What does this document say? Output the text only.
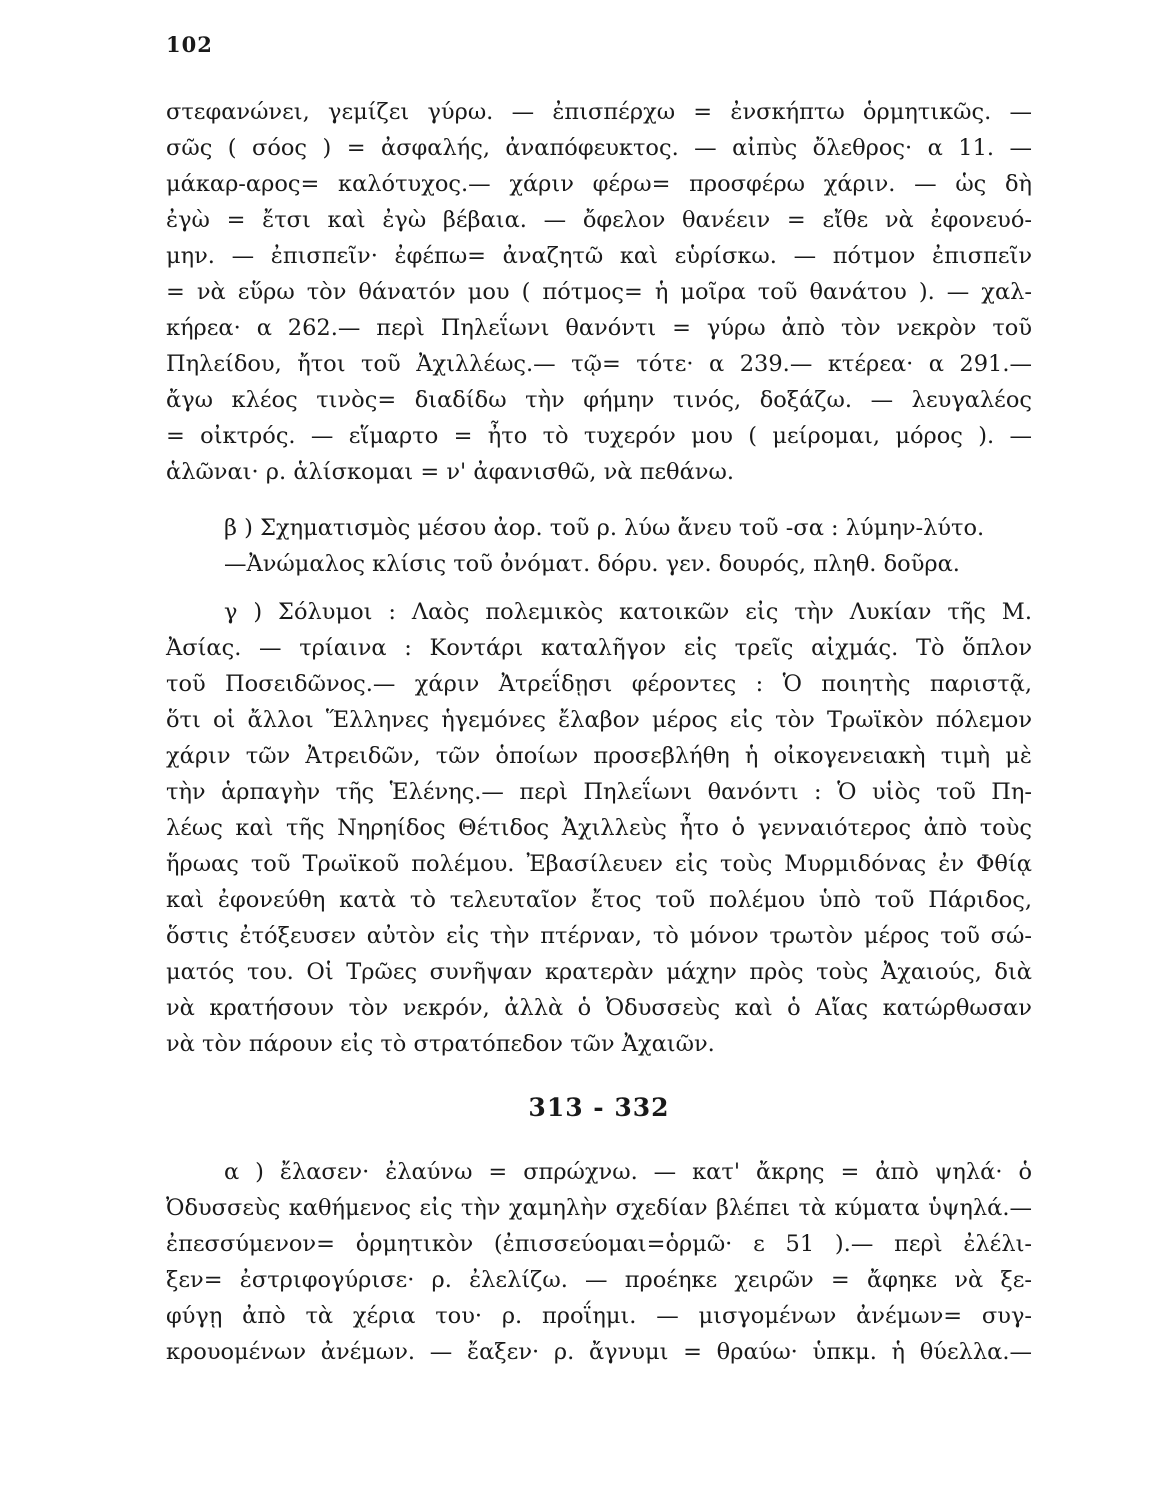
102
στεφανώνει, γεμίζει γύρω. — ἐπισπέρχω = ἐνσκήπτω ὁρμητικῶς. —
σῶς ( σόος ) = ἀσφαλής, ἀναπόφευκτος. — αἰπὺς ὄλεθρος· α 11. —
μάκαρ-αρος= καλότυχος.— χάριν φέρω= προσφέρω χάριν. — ὡς δὴ
ἐγὼ = ἔτσι καὶ ἐγὼ βέβαια. — ὄφελον θανέειν = εἴθε νὰ ἐφονευό-
μην. — ἐπισπεῖν· ἐφέπω= ἀναζητῶ καὶ εὑρίσκω. — πότμον ἐπισπεῖν
= νὰ εὕρω τὸν θάνατόν μου ( πότμος= ἡ μοῖρα τοῦ θανάτου ). — χαλ-
κήρεα· α 262.— περὶ Πηλεΐωνι θανόντι = γύρω ἀπὸ τὸν νεκρὸν τοῦ
Πηλείδου, ἤτοι τοῦ Ἀχιλλέως.— τῷ= τότε· α 239.— κτέρεα· α 291.—
ἄγω κλέος τινὸς= διαδίδω τὴν φήμην τινός, δοξάζω. — λευγαλέος
= οἰκτρός. — εἵμαρτο = ἦτο τὸ τυχερόν μου ( μείρομαι, μόρος ). —
ἁλῶναι· ρ. ἁλίσκομαι = ν' ἀφανισθῶ, νὰ πεθάνω.
β ) Σχηματισμὸς μέσου ἀορ. τοῦ ρ. λύω ἄνευ τοῦ -σα : λύμην-λύτο.
—Ἀνώμαλος κλίσις τοῦ ὀνόματ. δόρυ. γεν. δουρός, πληθ. δοῦρα.
γ ) Σόλυμοι : Λαὸς πολεμικὸς κατοικῶν εἰς τὴν Λυκίαν τῆς Μ.
Ἀσίας. — τρίαινα : Κοντάρι καταλῆγον εἰς τρεῖς αἰχμάς. Τὸ ὅπλον
τοῦ Ποσειδῶνος.— χάριν Ἀτρεΐδῃσι φέροντες : Ὁ ποιητὴς παριστᾷ,
ὅτι οἱ ἄλλοι Ἕλληνες ἡγεμόνες ἔλαβον μέρος εἰς τὸν Τρωϊκὸν πόλεμον
χάριν τῶν Ἀτρειδῶν, τῶν ὁποίων προσεβλήθη ἡ οἰκογενειακὴ τιμὴ μὲ
τὴν ἁρπαγὴν τῆς Ἑλένης.— περὶ Πηλεΐωνι θανόντι : Ὁ υἱὸς τοῦ Πη-
λέως καὶ τῆς Νηρηίδος Θέτιδος Ἀχιλλεὺς ἦτο ὁ γενναιότερος ἀπὸ τοὺς
ἥρωας τοῦ Τρωϊκοῦ πολέμου. Ἐβασίλευεν εἰς τοὺς Μυρμιδόνας ἐν Φθίᾳ
καὶ ἐφονεύθη κατὰ τὸ τελευταῖον ἔτος τοῦ πολέμου ὑπὸ τοῦ Πάριδος,
ὅστις ἐτόξευσεν αὐτὸν εἰς τὴν πτέρναν, τὸ μόνον τρωτὸν μέρος τοῦ σώ-
ματός του. Οἱ Τρῶες συνῆψαν κρατερὰν μάχην πρὸς τοὺς Ἀχαιούς, διὰ
νὰ κρατήσουν τὸν νεκρόν, ἀλλὰ ὁ Ὀδυσσεὺς καὶ ὁ Αἴας κατώρθωσαν
νὰ τὸν πάρουν εἰς τὸ στρατόπεδον τῶν Ἀχαιῶν.
313 - 332
α ) ἔλασεν· ἐλαύνω = σπρώχνω. — κατ' ἄκρης = ἀπὸ ψηλά· ὁ
Ὀδυσσεὺς καθήμενος εἰς τὴν χαμηλὴν σχεδίαν βλέπει τὰ κύματα ὑψηλά.—
ἐπεσσύμενον= ὁρμητικὸν (ἐπισσεύομαι=ὁρμῶ· ε 51 ).— περὶ ἐλέλι-
ξεν= ἐστριφογύρισε· ρ. ἐλελίζω. — προέηκε χειρῶν = ἄφηκε νὰ ξε-
φύγῃ ἀπὸ τὰ χέρια του· ρ. προΐημι. — μισγομένων ἀνέμων= συγ-
κρουομένων ἀνέμων. — ἔαξεν· ρ. ἄγνυμι = θραύω· ὑπκμ. ἡ θύελλα.—
